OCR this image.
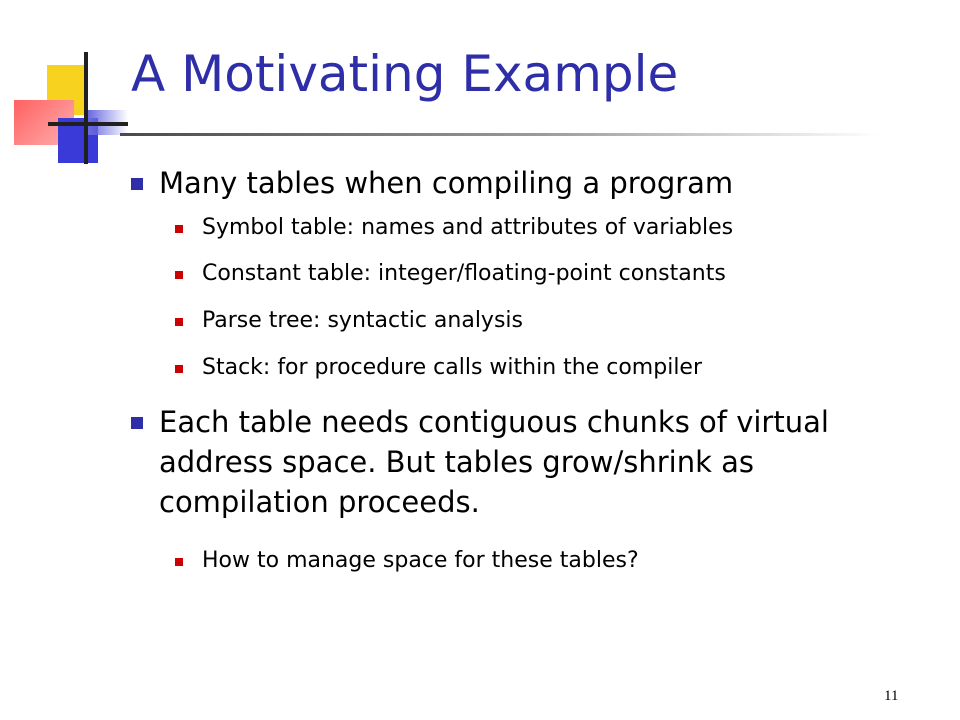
A Motivating Example
Many tables when compiling a program
Symbol table: names and attributes of variables
Constant table: integer/floating-point constants
Parse tree: syntactic analysis
Stack: for procedure calls within the compiler
Each table needs contiguous chunks of virtual address space. But tables grow/shrink as compilation proceeds.
How to manage space for these tables?
11
